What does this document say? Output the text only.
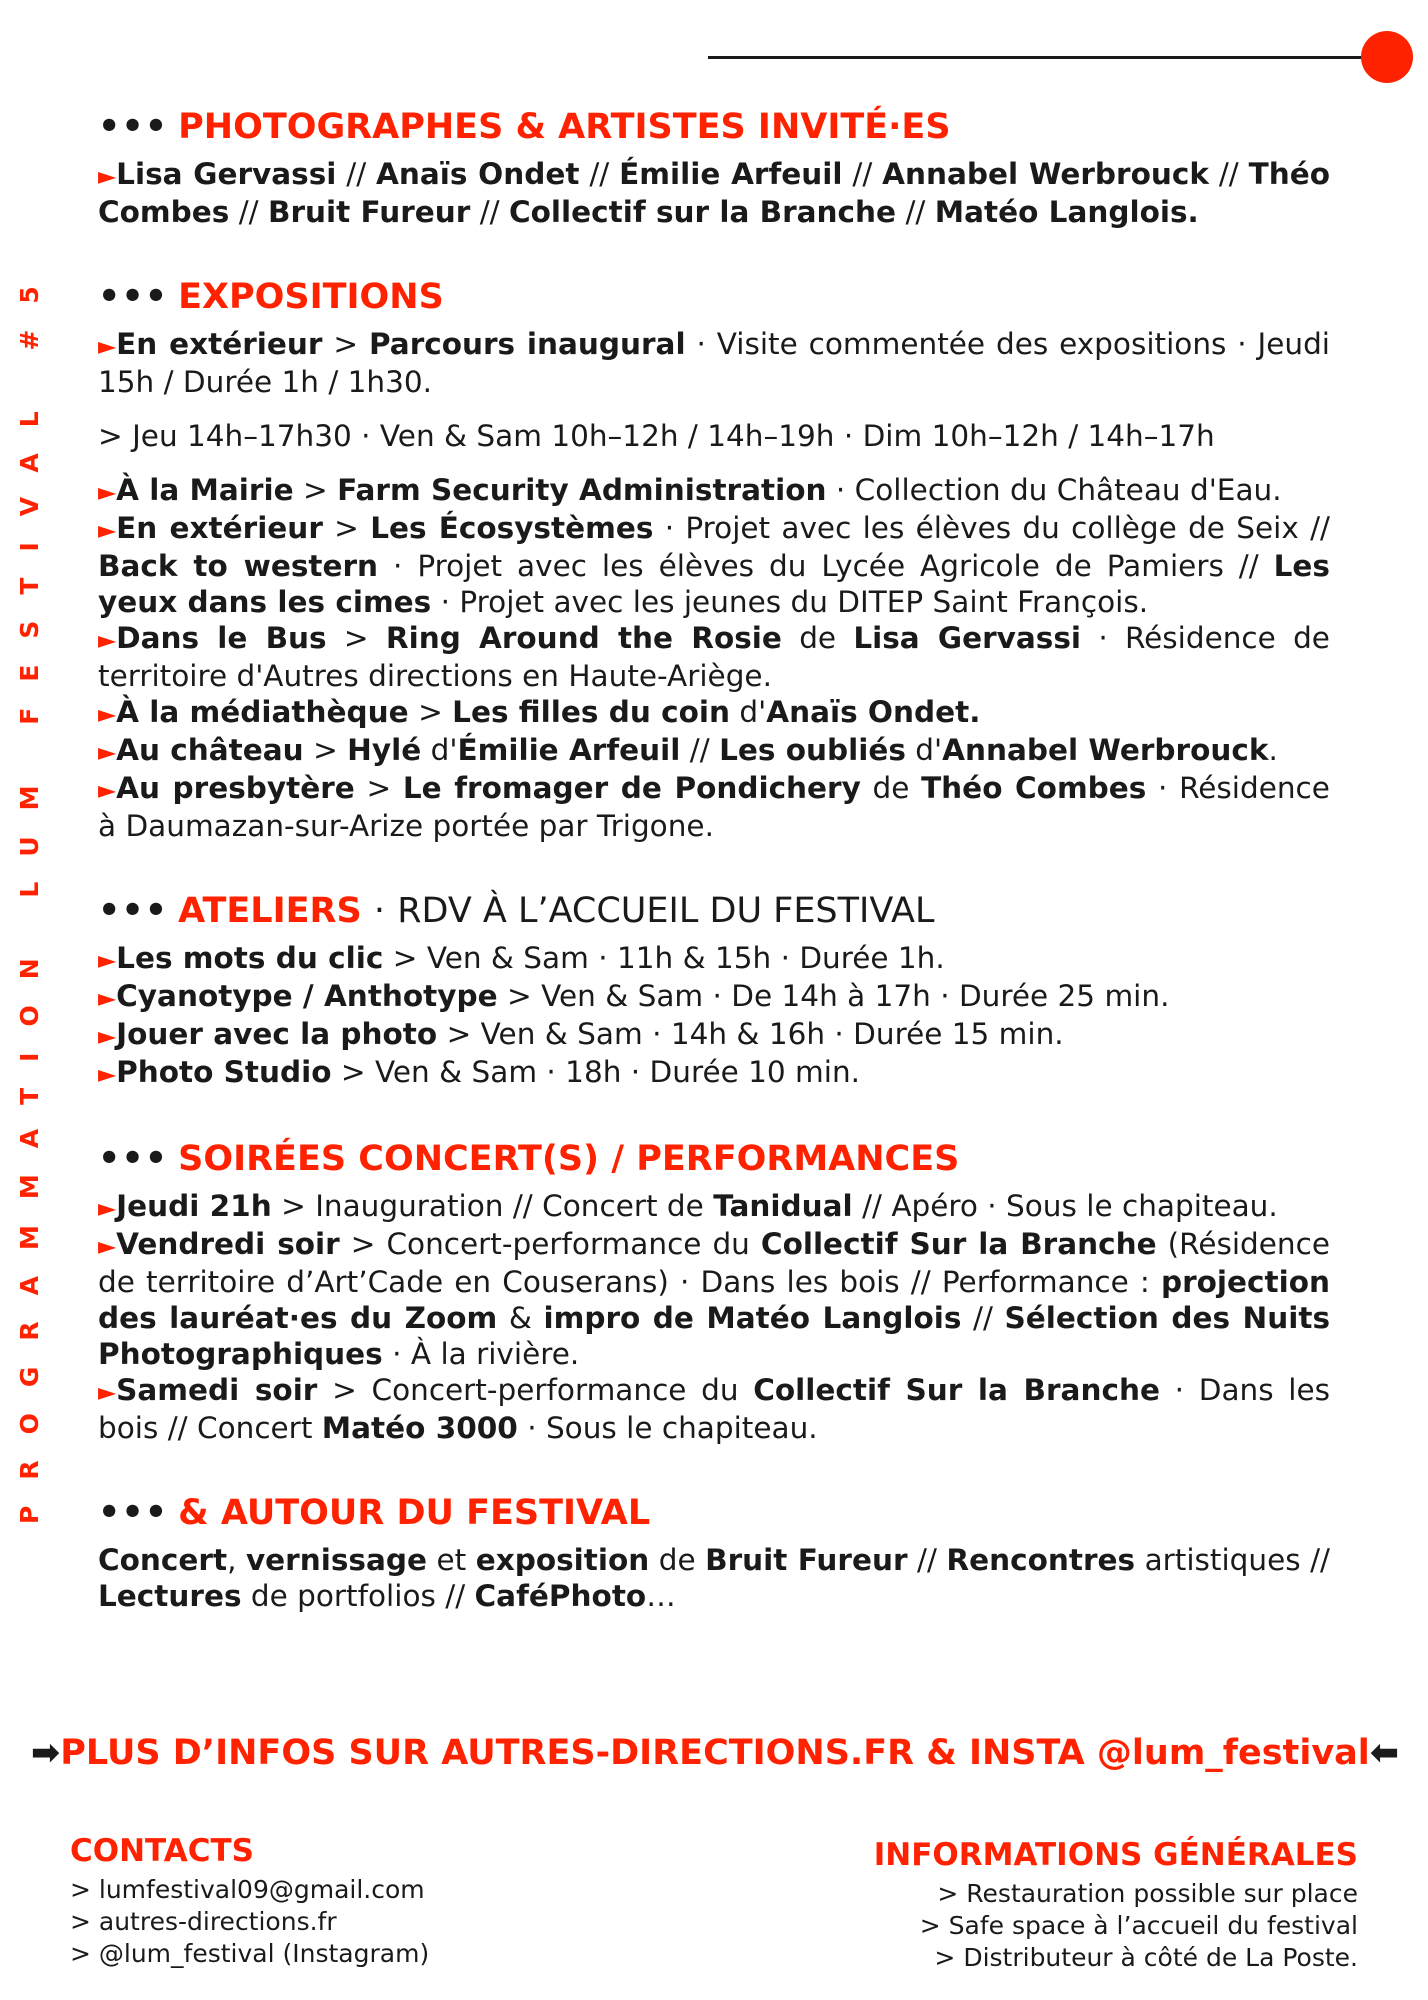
PROGRAMMATION LUM FESTIVAL #5
••• PHOTOGRAPHES & ARTISTES INVITÉ·ES

►Lisa Gervassi // Anaïs Ondet // Émilie Arfeuil // Annabel Werbrouck // Théo Combes // Bruit Fureur // Collectif sur la Branche // Matéo Langlois.

••• EXPOSITIONS

►En extérieur > Parcours inaugural · Visite commentée des expositions · Jeudi 15h / Durée 1h / 1h30.

> Jeu 14h–17h30 · Ven & Sam 10h–12h / 14h–19h · Dim 10h–12h / 14h–17h

►À la Mairie > Farm Security Administration · Collection du Château d'Eau.

►En extérieur > Les Écosystèmes · Projet avec les élèves du collège de Seix // Back to western · Projet avec les élèves du Lycée Agricole de Pamiers // Les yeux dans les cimes · Projet avec les jeunes du DITEP Saint François.

►Dans le Bus > Ring Around the Rosie de Lisa Gervassi · Résidence de territoire d'Autres directions en Haute-Ariège.

►À la médiathèque > Les filles du coin d'Anaïs Ondet.

►Au château > Hylé d'Émilie Arfeuil // Les oubliés d'Annabel Werbrouck.

►Au presbytère > Le fromager de Pondichery de Théo Combes · Résidence à Daumazan-sur-Arize portée par Trigone.

••• ATELIERS · RDV À L’ACCUEIL DU FESTIVAL

►Les mots du clic > Ven & Sam · 11h & 15h · Durée 1h.

►Cyanotype / Anthotype > Ven & Sam · De 14h à 17h · Durée 25 min.

►Jouer avec la photo > Ven & Sam · 14h & 16h · Durée 15 min.

►Photo Studio > Ven & Sam · 18h · Durée 10 min.

••• SOIRÉES CONCERT(S) / PERFORMANCES

►Jeudi 21h > Inauguration // Concert de Tanidual // Apéro · Sous le chapiteau.

►Vendredi soir > Concert-performance du Collectif Sur la Branche (Résidence de territoire d’Art’Cade en Couserans) · Dans les bois // Performance : projection des lauréat·es du Zoom & impro de Matéo Langlois // Sélection des Nuits Photographiques · À la rivière.

►Samedi soir > Concert-performance du Collectif Sur la Branche · Dans les bois // Concert Matéo 3000 · Sous le chapiteau.

••• & AUTOUR DU FESTIVAL

Concert, vernissage et exposition de Bruit Fureur // Rencontres artistiques // Lectures de portfolios // CaféPhoto…

➡PLUS D’INFOS SUR AUTRES-DIRECTIONS.FR & INSTA @lum_festival⬅
CONTACTS
> lumfestival09@gmail.com
> autres-directions.fr
> @lum_festival (Instagram)
INFORMATIONS GÉNÉRALES
> Restauration possible sur place
> Safe space à l’accueil du festival
> Distributeur à côté de La Poste.
